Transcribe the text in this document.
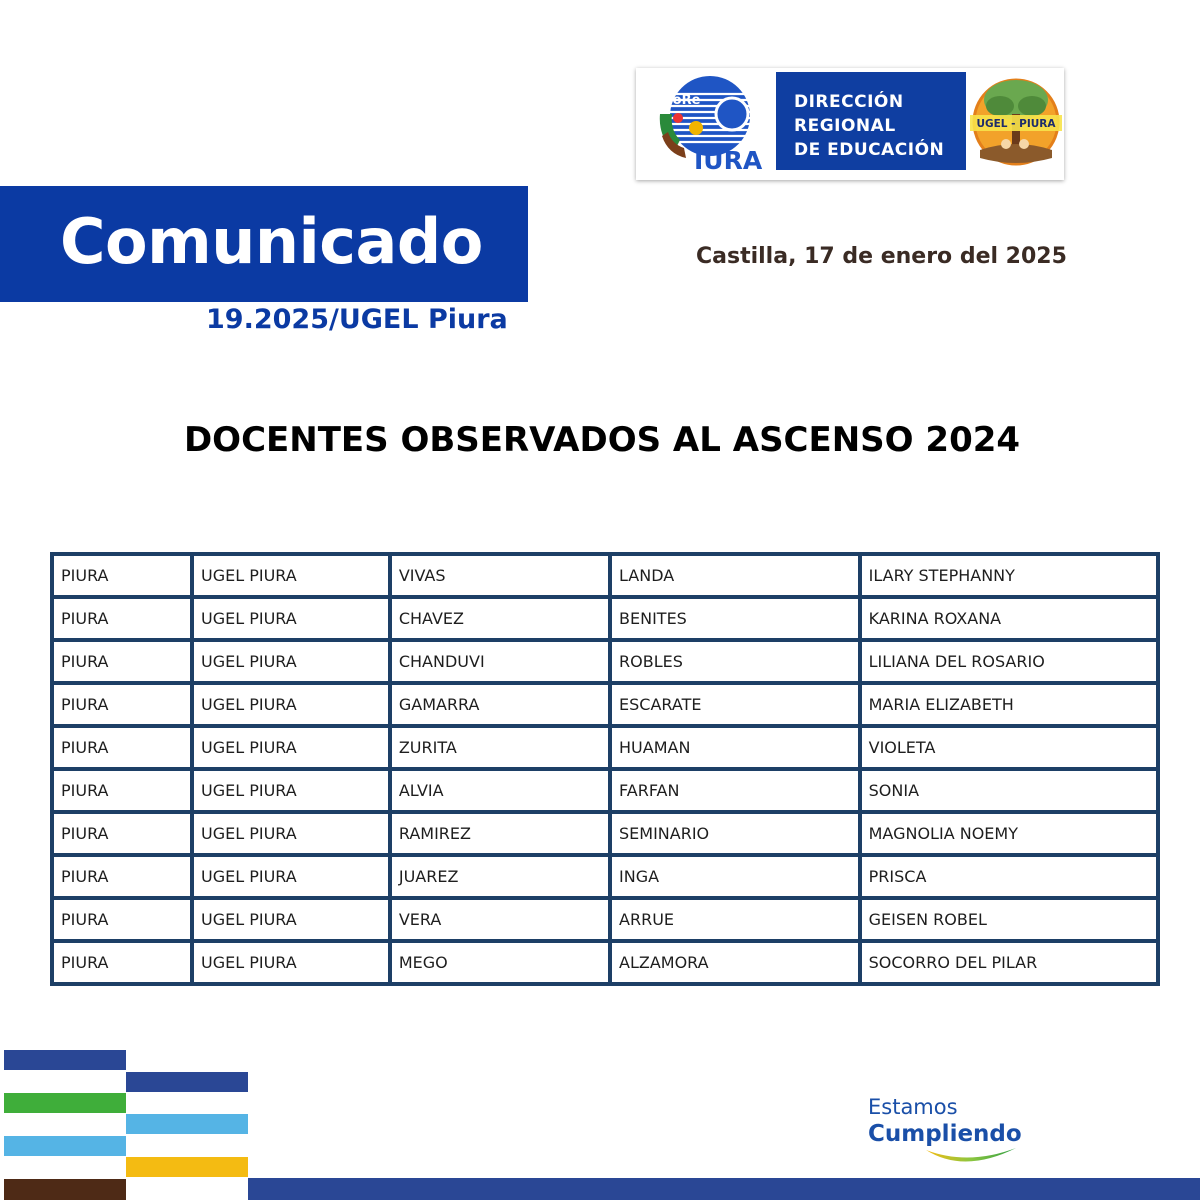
GoRe
IURA
DIRECCIÓN
REGIONAL
DE EDUCACIÓN
UGEL - PIURA
Comunicado
19.2025/UGEL Piura
Castilla, 17 de enero del 2025
DOCENTES OBSERVADOS AL ASCENSO 2024
PIURA	UGEL PIURA	VIVAS	LANDA	ILARY STEPHANNY
PIURA	UGEL PIURA	CHAVEZ	BENITES	KARINA ROXANA
PIURA	UGEL PIURA	CHANDUVI	ROBLES	LILIANA DEL ROSARIO
PIURA	UGEL PIURA	GAMARRA	ESCARATE	MARIA ELIZABETH
PIURA	UGEL PIURA	ZURITA	HUAMAN	VIOLETA
PIURA	UGEL PIURA	ALVIA	FARFAN	SONIA
PIURA	UGEL PIURA	RAMIREZ	SEMINARIO	MAGNOLIA NOEMY
PIURA	UGEL PIURA	JUAREZ	INGA	PRISCA
PIURA	UGEL PIURA	VERA	ARRUE	GEISEN ROBEL
PIURA	UGEL PIURA	MEGO	ALZAMORA	SOCORRO DEL PILAR
Estamos
Cumpliendo
